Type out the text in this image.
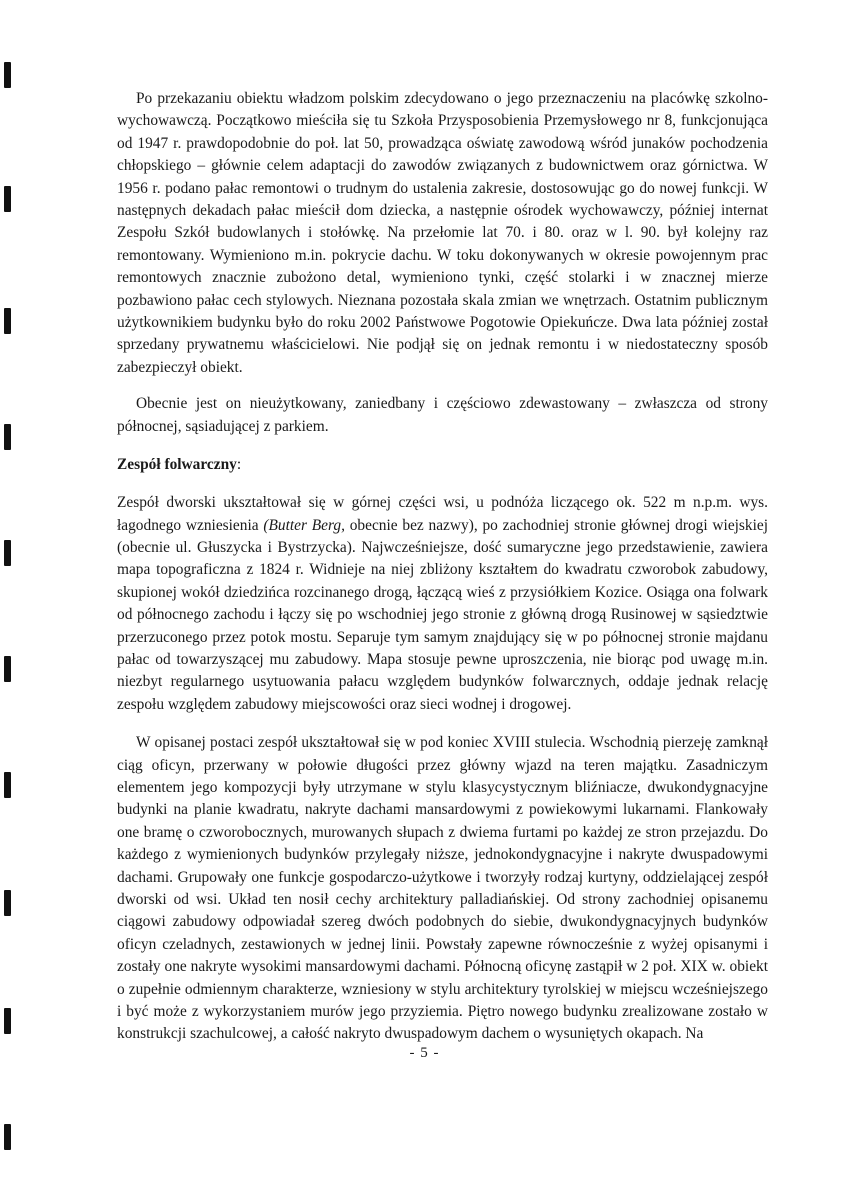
Po przekazaniu obiektu władzom polskim zdecydowano o jego przeznaczeniu na placówkę szkolno-wychowawczą. Początkowo mieściła się tu Szkoła Przysposobienia Przemysłowego nr 8, funkcjonująca od 1947 r. prawdopodobnie do poł. lat 50, prowadząca oświatę zawodową wśród junaków pochodzenia chłopskiego – głównie celem adaptacji do zawodów związanych z budownictwem oraz górnictwa. W 1956 r. podano pałac remontowi o trudnym do ustalenia zakresie, dostosowując go do nowej funkcji. W następnych dekadach pałac mieścił dom dziecka, a następnie ośrodek wychowawczy, później internat Zespołu Szkół budowlanych i stołówkę. Na przełomie lat 70. i 80. oraz w l. 90. był kolejny raz remontowany. Wymieniono m.in. pokrycie dachu. W toku dokonywanych w okresie powojennym prac remontowych znacznie zubożono detal, wymieniono tynki, część stolarki i w znacznej mierze pozbawiono pałac cech stylowych. Nieznana pozostała skala zmian we wnętrzach. Ostatnim publicznym użytkownikiem budynku było do roku 2002 Państwowe Pogotowie Opiekuńcze. Dwa lata później został sprzedany prywatnemu właścicielowi. Nie podjął się on jednak remontu i w niedostateczny sposób zabezpieczył obiekt.

Obecnie jest on nieużytkowany, zaniedbany i częściowo zdewastowany – zwłaszcza od strony północnej, sąsiadującej z parkiem.

Zespół folwarczny:

Zespół dworski ukształtował się w górnej części wsi, u podnóża liczącego ok. 522 m n.p.m. wys. łagodnego wzniesienia (Butter Berg, obecnie bez nazwy), po zachodniej stronie głównej drogi wiejskiej (obecnie ul. Głuszycka i Bystrzycka). Najwcześniejsze, dość sumaryczne jego przedstawienie, zawiera mapa topograficzna z 1824 r. Widnieje na niej zbliżony kształtem do kwadratu czworobok zabudowy, skupionej wokół dziedzińca rozcinanego drogą, łączącą wieś z przysiółkiem Kozice. Osiąga ona folwark od północnego zachodu i łączy się po wschodniej jego stronie z główną drogą Rusinowej w sąsiedztwie przerzuconego przez potok mostu. Separuje tym samym znajdujący się w po północnej stronie majdanu pałac od towarzyszącej mu zabudowy. Mapa stosuje pewne uproszczenia, nie biorąc pod uwagę m.in. niezbyt regularnego usytuowania pałacu względem budynków folwarcznych, oddaje jednak relację zespołu względem zabudowy miejscowości oraz sieci wodnej i drogowej.

W opisanej postaci zespół ukształtował się w pod koniec XVIII stulecia. Wschodnią pierzeję zamknął ciąg oficyn, przerwany w połowie długości przez główny wjazd na teren majątku. Zasadniczym elementem jego kompozycji były utrzymane w stylu klasycystycznym bliźniacze, dwukondygnacyjne budynki na planie kwadratu, nakryte dachami mansardowymi z powiekowymi lukarnami. Flankowały one bramę o czworobocznych, murowanych słupach z dwiema furtami po każdej ze stron przejazdu. Do każdego z wymienionych budynków przylegały niższe, jednokondygnacyjne i nakryte dwuspadowymi dachami. Grupowały one funkcje gospodarczo-użytkowe i tworzyły rodzaj kurtyny, oddzielającej zespół dworski od wsi. Układ ten nosił cechy architektury palladiańskiej. Od strony zachodniej opisanemu ciągowi zabudowy odpowiadał szereg dwóch podobnych do siebie, dwukondygnacyjnych budynków oficyn czeladnych, zestawionych w jednej linii. Powstały zapewne równocześnie z wyżej opisanymi i zostały one nakryte wysokimi mansardowymi dachami. Północną oficynę zastąpił w 2 poł. XIX w. obiekt o zupełnie odmiennym charakterze, wzniesiony w stylu architektury tyrolskiej w miejscu wcześniejszego i być może z wykorzystaniem murów jego przyziemia. Piętro nowego budynku zrealizowane zostało w konstrukcji szachulcowej, a całość nakryto dwuspadowym dachem o wysuniętych okapach. Na

- 5 -
